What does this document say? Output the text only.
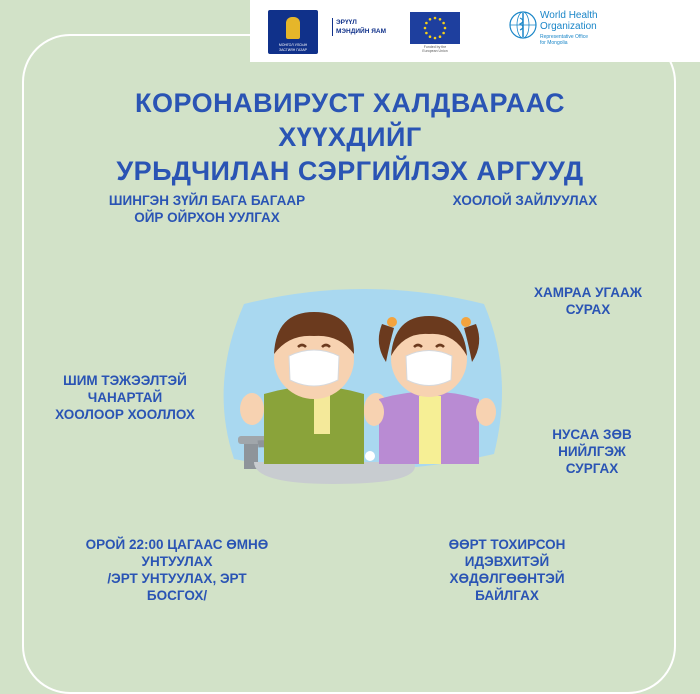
МОНГОЛ УЛСЫН
ЗАСГИЙН ГАЗАР
ЭРҮҮЛ
МЭНДИЙН ЯАМ
Funded by the
European Union
World Health
Organization
Representative Office
for Mongolia
КОРОНАВИРУСТ ХАЛДВАРААС ХҮҮХДИЙГ
УРЬДЧИЛАН СЭРГИЙЛЭХ АРГУУД
ШИНГЭН ЗҮЙЛ БАГА БАГААР
ОЙР ОЙРХОН УУЛГАХ
ХООЛОЙ ЗАЙЛУУЛАХ
ХАМРАА УГААЖ
СУРАХ
ШИМ ТЭЖЭЭЛТЭЙ
ЧАНАРТАЙ
ХООЛООР ХООЛЛОХ
НУСАА ЗӨВ
НИЙЛГЭЖ
СУРГАХ
ОРОЙ 22:00 ЦАГААС ӨМНӨ
УНТУУЛАХ
/ЭРТ УНТУУЛАХ, ЭРТ
БОСГОХ/
ӨӨРТ ТОХИРСОН
ИДЭВХИТЭЙ
ХӨДӨЛГӨӨНТЭЙ
БАЙЛГАХ
